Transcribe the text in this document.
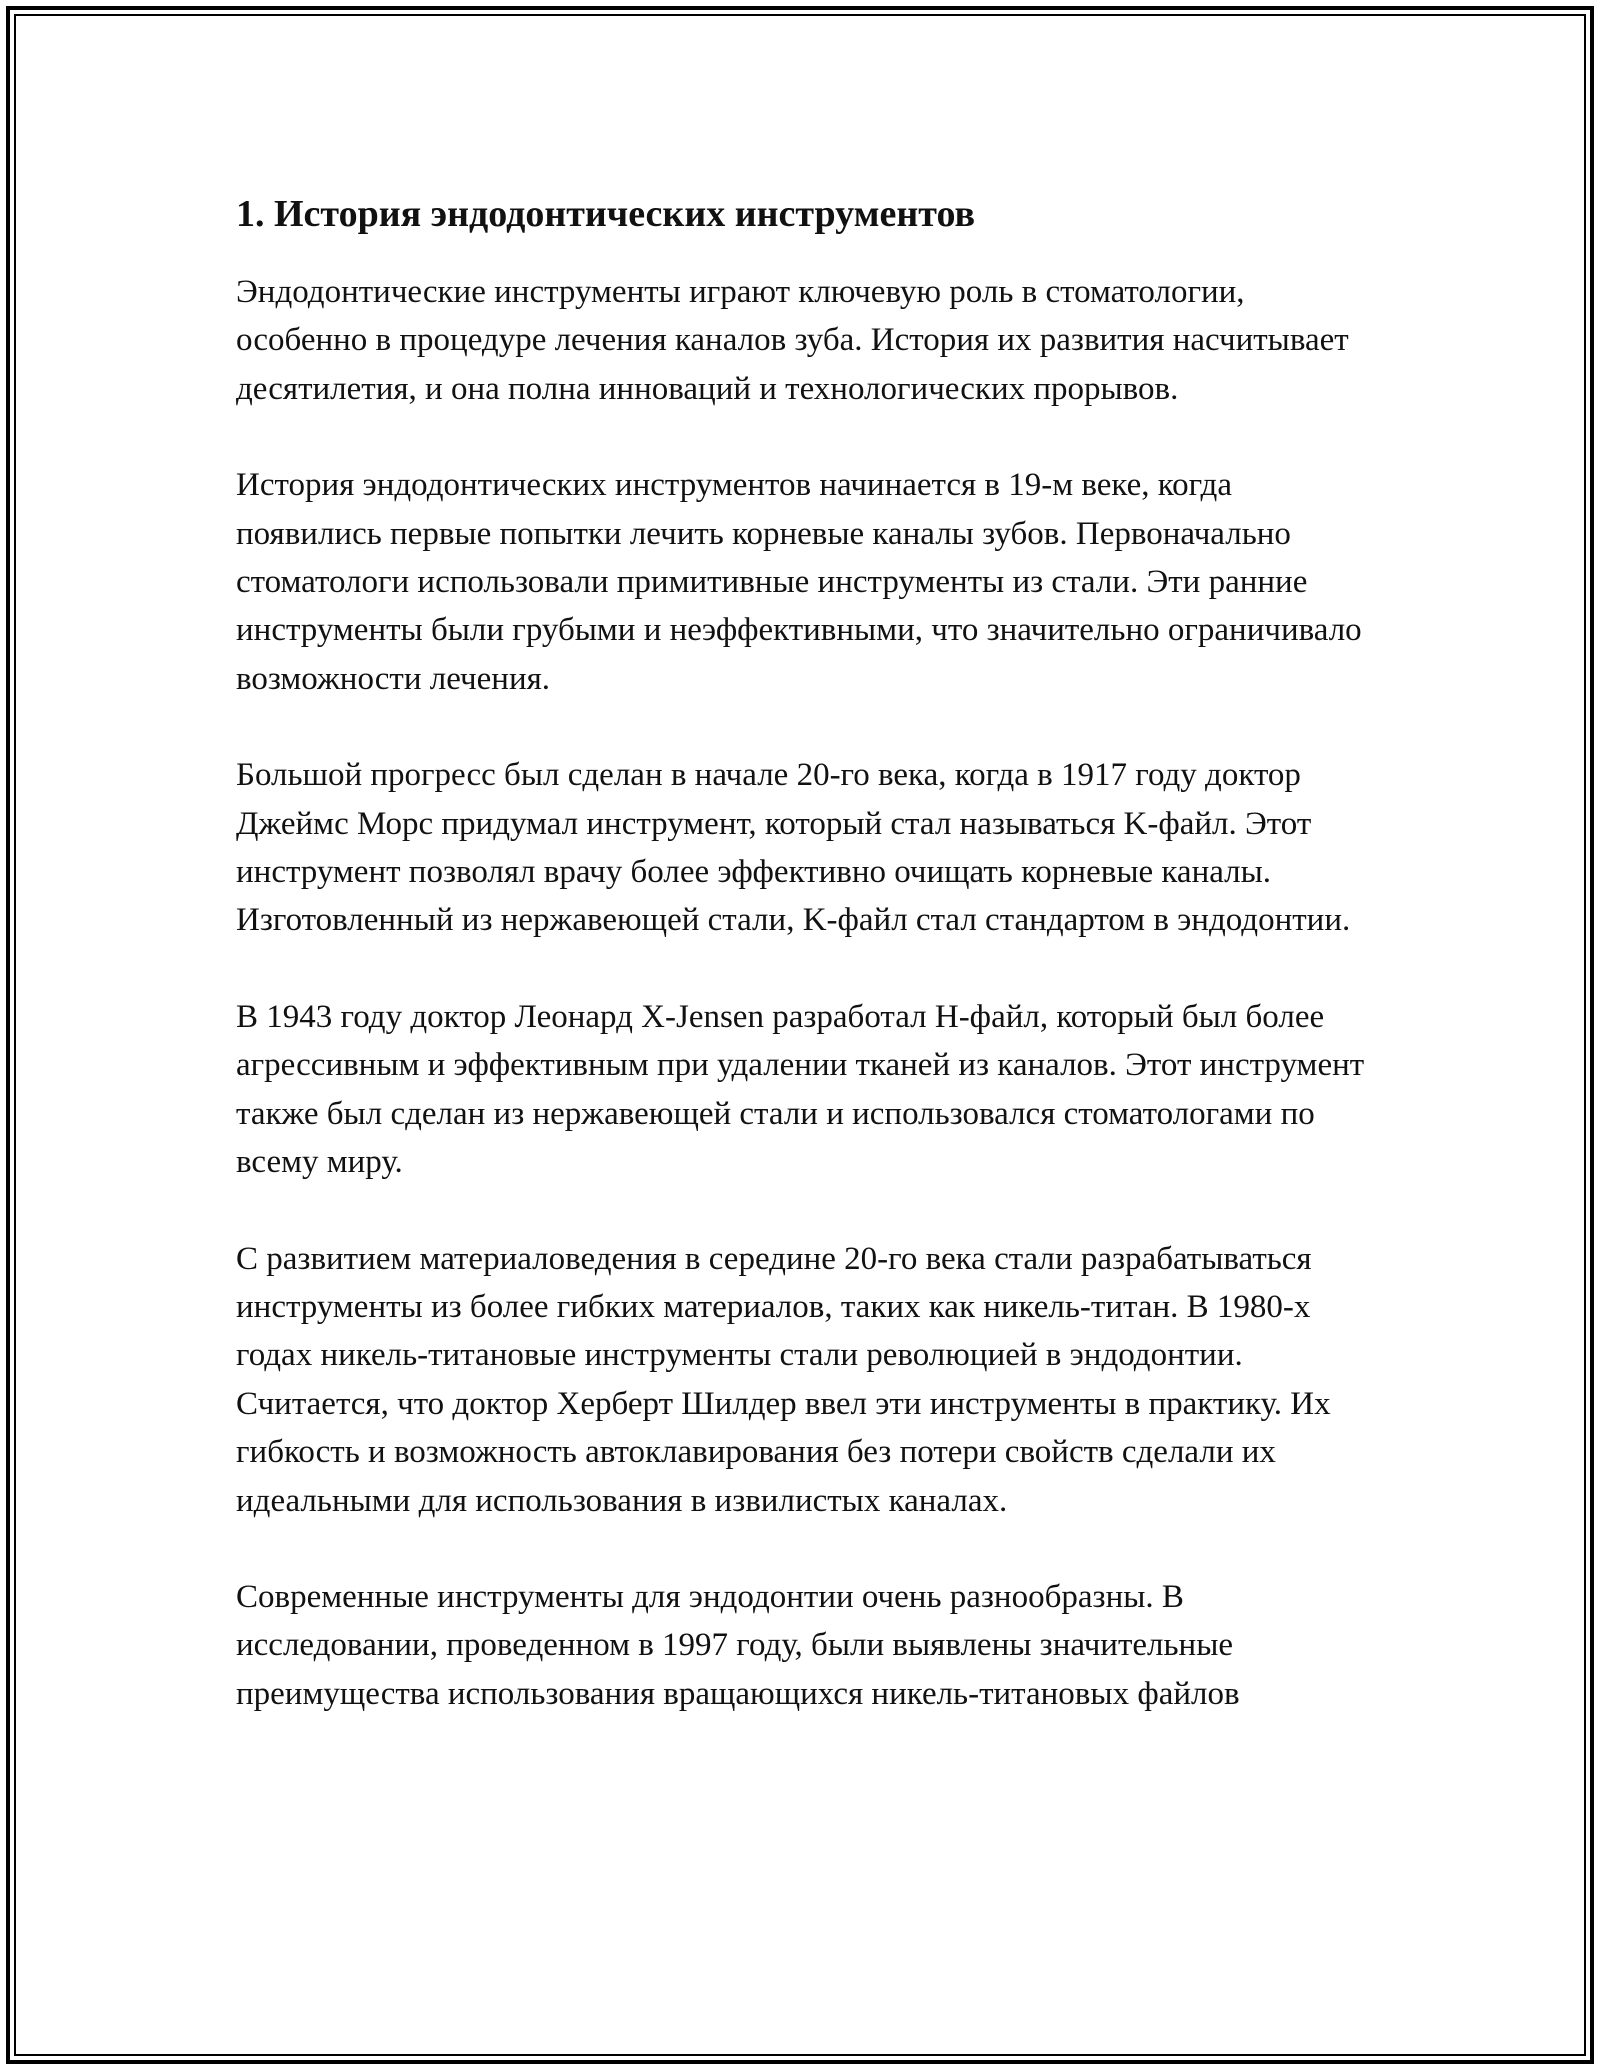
1. История эндодонтических инструментов

Эндодонтические инструменты играют ключевую роль в стоматологии, особенно в процедуре лечения каналов зуба. История их развития насчитывает десятилетия, и она полна инноваций и технологических прорывов.

История эндодонтических инструментов начинается в 19-м веке, когда появились первые попытки лечить корневые каналы зубов. Первоначально стоматологи использовали примитивные инструменты из стали. Эти ранние инструменты были грубыми и неэффективными, что значительно ограничивало возможности лечения.

Большой прогресс был сделан в начале 20-го века, когда в 1917 году доктор Джеймс Морс придумал инструмент, который стал называться K-файл. Этот инструмент позволял врачу более эффективно очищать корневые каналы. Изготовленный из нержавеющей стали, K-файл стал стандартом в эндодонтии.

В 1943 году доктор Леонард X-Jensen разработал H-файл, который был более агрессивным и эффективным при удалении тканей из каналов. Этот инструмент также был сделан из нержавеющей стали и использовался стоматологами по всему миру.

С развитием материаловедения в середине 20-го века стали разрабатываться инструменты из более гибких материалов, таких как никель-титан. В 1980-х годах никель-титановые инструменты стали революцией в эндодонтии. Считается, что доктор Херберт Шилдер ввел эти инструменты в практику. Их гибкость и возможность автоклавирования без потери свойств сделали их идеальными для использования в извилистых каналах.

Современные инструменты для эндодонтии очень разнообразны. В исследовании, проведенном в 1997 году, были выявлены значительные преимущества использования вращающихся никель-титановых файлов
